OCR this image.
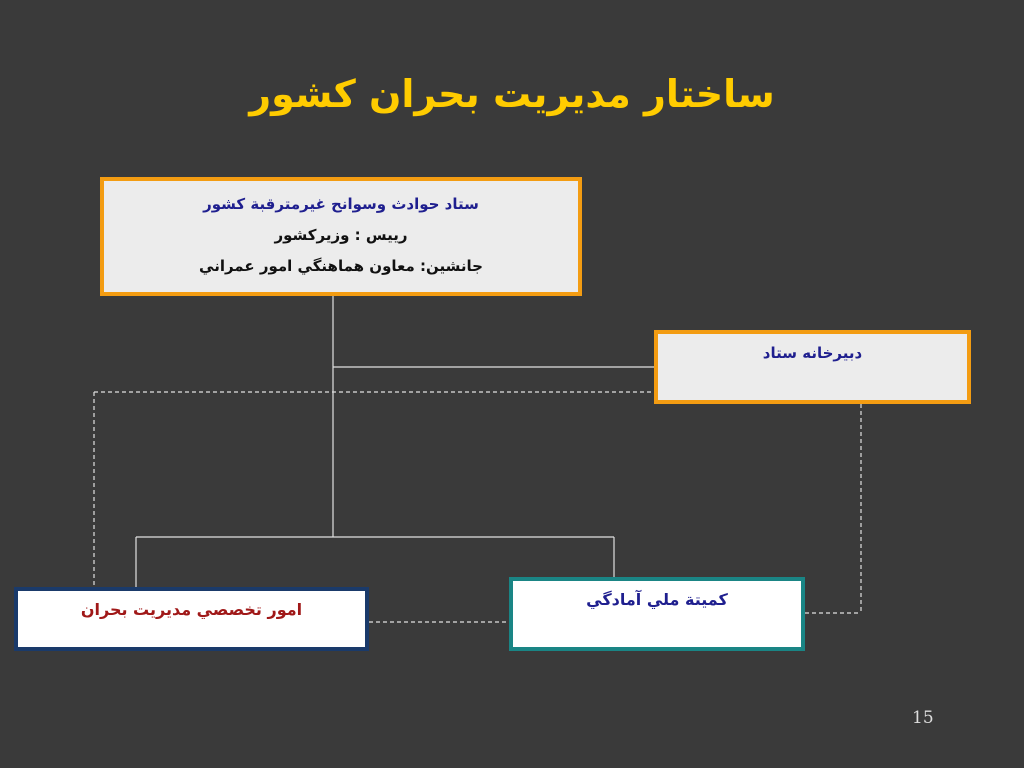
ساختار مديريت بحران كشور
ستاد حوادث وسوانح غيرمترقبة كشور
رييس : وزيركشور
جانشين: معاون هماهنگي امور عمراني
دبيرخانه ستاد
امور تخصصي مديريت بحران
كميتة ملي آمادگي
15
